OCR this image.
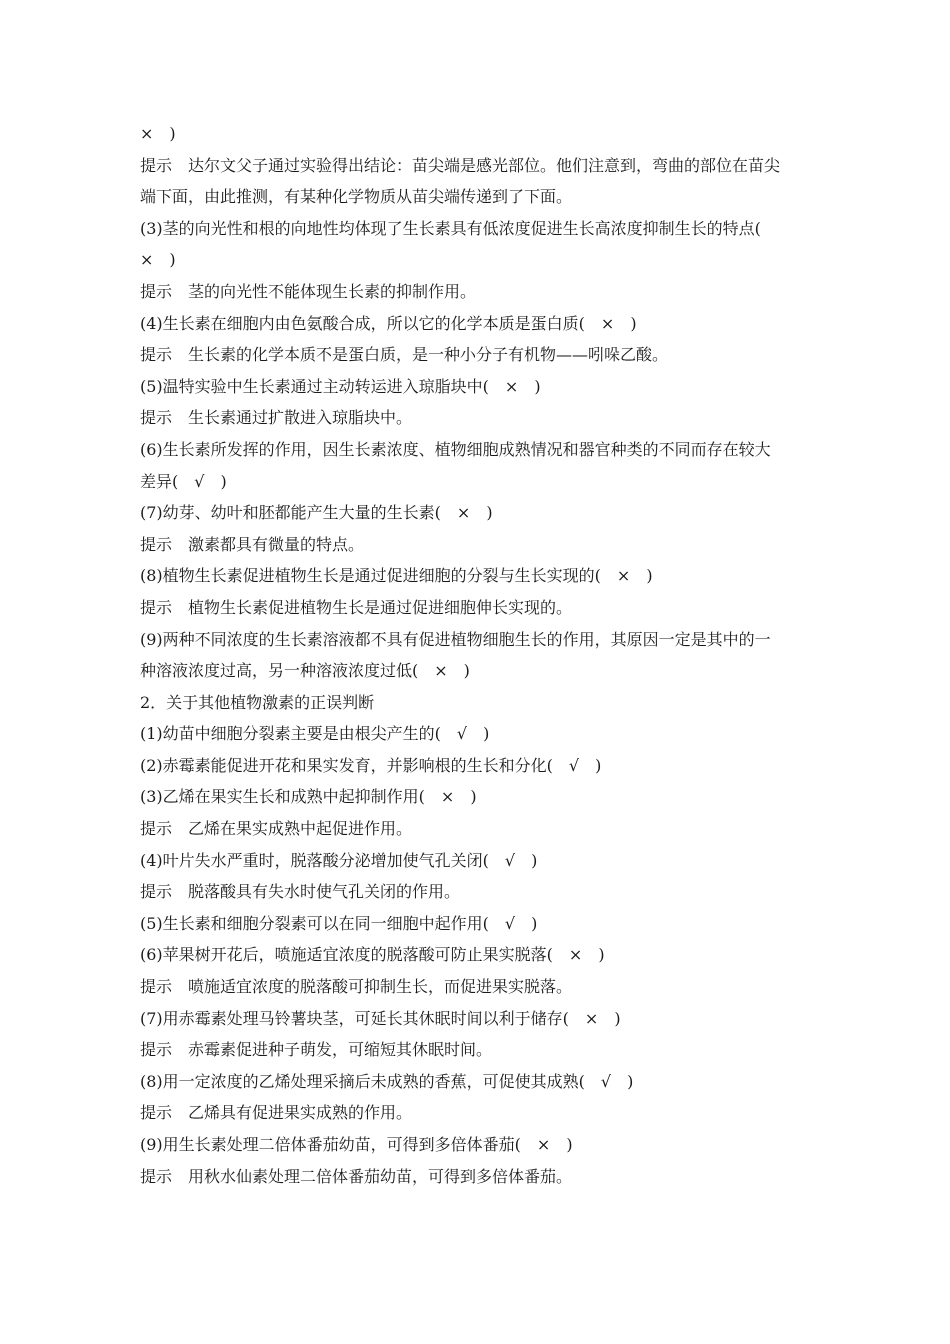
×　)
提示　达尔文父子通过实验得出结论：苗尖端是感光部位。他们注意到，弯曲的部位在苗尖
端下面，由此推测，有某种化学物质从苗尖端传递到了下面。
(3)茎的向光性和根的向地性均体现了生长素具有低浓度促进生长高浓度抑制生长的特点(
×　)
提示　茎的向光性不能体现生长素的抑制作用。
(4)生长素在细胞内由色氨酸合成，所以它的化学本质是蛋白质(　×　)
提示　生长素的化学本质不是蛋白质，是一种小分子有机物——吲哚乙酸。
(5)温特实验中生长素通过主动转运进入琼脂块中(　×　)
提示　生长素通过扩散进入琼脂块中。
(6)生长素所发挥的作用，因生长素浓度、植物细胞成熟情况和器官种类的不同而存在较大
差异(　√　)
(7)幼芽、幼叶和胚都能产生大量的生长素(　×　)
提示　激素都具有微量的特点。
(8)植物生长素促进植物生长是通过促进细胞的分裂与生长实现的(　×　)
提示　植物生长素促进植物生长是通过促进细胞伸长实现的。
(9)两种不同浓度的生长素溶液都不具有促进植物细胞生长的作用，其原因一定是其中的一
种溶液浓度过高，另一种溶液浓度过低(　×　)
2．关于其他植物激素的正误判断
(1)幼苗中细胞分裂素主要是由根尖产生的(　√　)
(2)赤霉素能促进开花和果实发育，并影响根的生长和分化(　√　)
(3)乙烯在果实生长和成熟中起抑制作用(　×　)
提示　乙烯在果实成熟中起促进作用。
(4)叶片失水严重时，脱落酸分泌增加使气孔关闭(　√　)
提示　脱落酸具有失水时使气孔关闭的作用。
(5)生长素和细胞分裂素可以在同一细胞中起作用(　√　)
(6)苹果树开花后，喷施适宜浓度的脱落酸可防止果实脱落(　×　)
提示　喷施适宜浓度的脱落酸可抑制生长，而促进果实脱落。
(7)用赤霉素处理马铃薯块茎，可延长其休眠时间以利于储存(　×　)
提示　赤霉素促进种子萌发，可缩短其休眠时间。
(8)用一定浓度的乙烯处理采摘后未成熟的香蕉，可促使其成熟(　√　)
提示　乙烯具有促进果实成熟的作用。
(9)用生长素处理二倍体番茄幼苗，可得到多倍体番茄(　×　)
提示　用秋水仙素处理二倍体番茄幼苗，可得到多倍体番茄。
